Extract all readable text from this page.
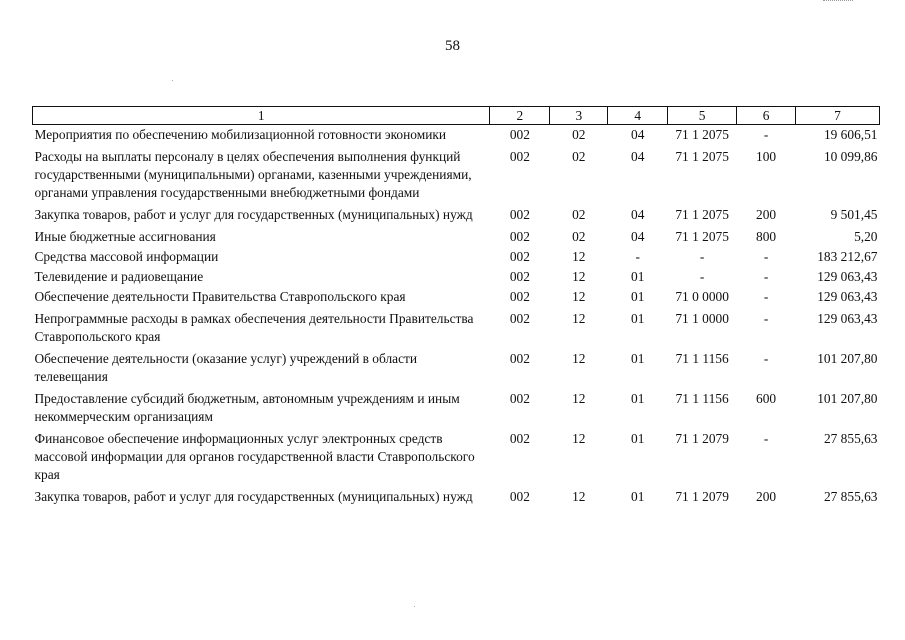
58
1	2	3	4	5	6	7
Мероприятия по обеспечению мобилизационной готовности экономики	002	02	04	71 1 2075	-	19 606,51
Расходы на выплаты персоналу в целях обеспечения выполнения функций государственными (муниципальными) органами, казенными учреждениями, органами управления государственными внебюджетными фондами	002	02	04	71 1 2075	100	10 099,86
Закупка товаров, работ и услуг для государственных (муниципальных) нужд	002	02	04	71 1 2075	200	9 501,45
Иные бюджетные ассигнования	002	02	04	71 1 2075	800	5,20
Средства массовой информации	002	12	-	-	-	183 212,67
Телевидение и радиовещание	002	12	01	-	-	129 063,43
Обеспечение деятельности Правительства Ставропольского края	002	12	01	71 0 0000	-	129 063,43
Непрограммные расходы в рамках обеспечения деятельности Правительства Ставропольского края	002	12	01	71 1 0000	-	129 063,43
Обеспечение деятельности (оказание услуг) учреждений в области телевещания	002	12	01	71 1 1156	-	101 207,80
Предоставление субсидий бюджетным, автономным учреждениям и иным некоммерческим организациям	002	12	01	71 1 1156	600	101 207,80
Финансовое обеспечение информационных услуг электронных средств массовой информации для органов государственной власти Ставропольского края	002	12	01	71 1 2079	-	27 855,63
Закупка товаров, работ и услуг для государственных (муниципальных) нужд	002	12	01	71 1 2079	200	27 855,63
